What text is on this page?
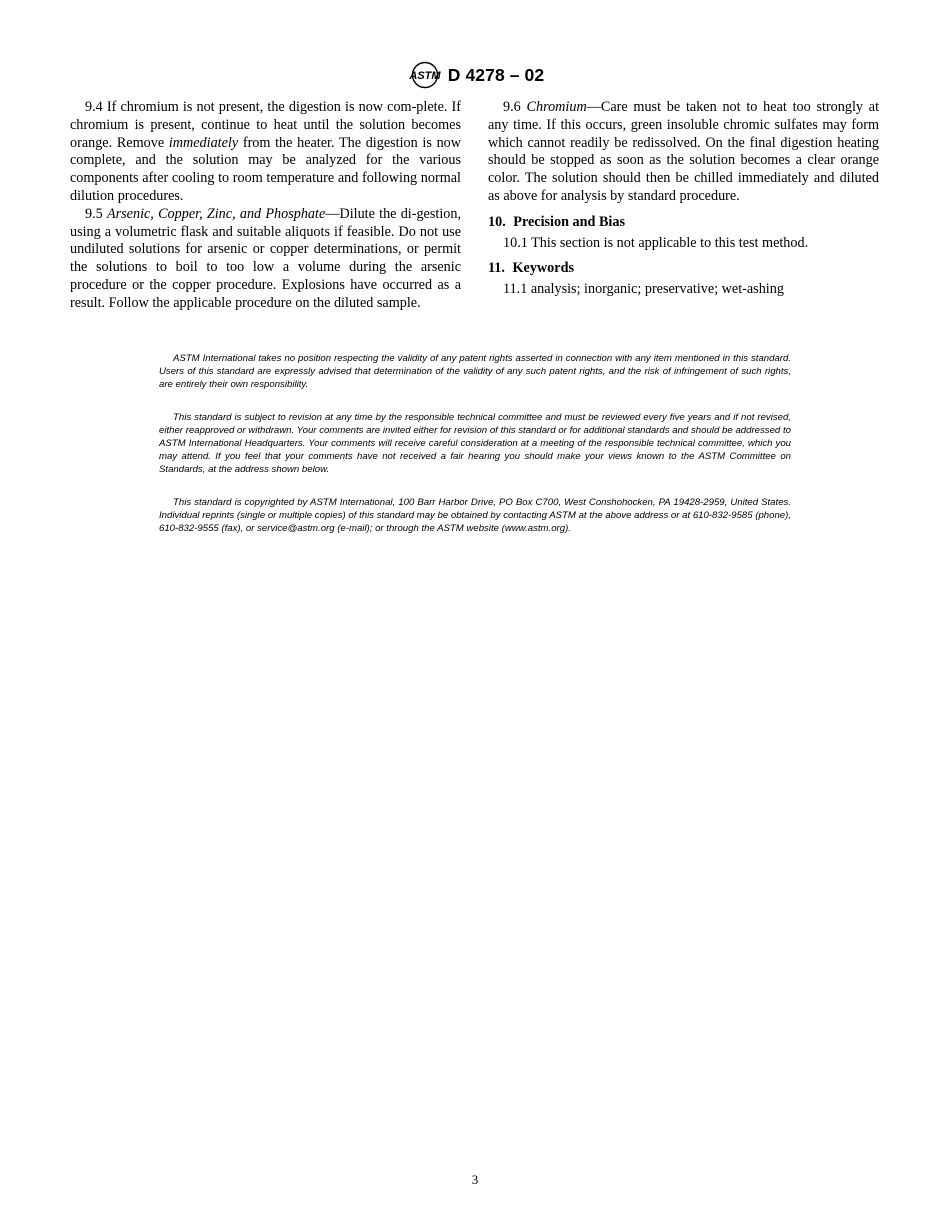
ASTM D 4278 – 02

9.4 If chromium is not present, the digestion is now com-plete. If chromium is present, continue to heat until the solution becomes orange. Remove immediately from the heater. The digestion is now complete, and the solution may be analyzed for the various components after cooling to room temperature and following normal dilution procedures.

9.5 Arsenic, Copper, Zinc, and Phosphate—Dilute the di-gestion, using a volumetric flask and suitable aliquots if feasible. Do not use undiluted solutions for arsenic or copper determinations, or permit the solutions to boil to too low a volume during the arsenic procedure or the copper procedure. Explosions have occurred as a result. Follow the applicable procedure on the diluted sample.

9.6 Chromium—Care must be taken not to heat too strongly at any time. If this occurs, green insoluble chromic sulfates may form which cannot readily be redissolved. On the final digestion heating should be stopped as soon as the solution becomes a clear orange color. The solution should then be chilled immediately and diluted as above for analysis by standard procedure.

10. Precision and Bias

10.1 This section is not applicable to this test method.

11. Keywords

11.1 analysis; inorganic; preservative; wet-ashing

ASTM International takes no position respecting the validity of any patent rights asserted in connection with any item mentioned in this standard. Users of this standard are expressly advised that determination of the validity of any such patent rights, and the risk of infringement of such rights, are entirely their own responsibility.

This standard is subject to revision at any time by the responsible technical committee and must be reviewed every five years and if not revised, either reapproved or withdrawn. Your comments are invited either for revision of this standard or for additional standards and should be addressed to ASTM International Headquarters. Your comments will receive careful consideration at a meeting of the responsible technical committee, which you may attend. If you feel that your comments have not received a fair hearing you should make your views known to the ASTM Committee on Standards, at the address shown below.

This standard is copyrighted by ASTM International, 100 Barr Harbor Drive, PO Box C700, West Conshohocken, PA 19428-2959, United States. Individual reprints (single or multiple copies) of this standard may be obtained by contacting ASTM at the above address or at 610-832-9585 (phone), 610-832-9555 (fax), or service@astm.org (e-mail); or through the ASTM website (www.astm.org).

3
